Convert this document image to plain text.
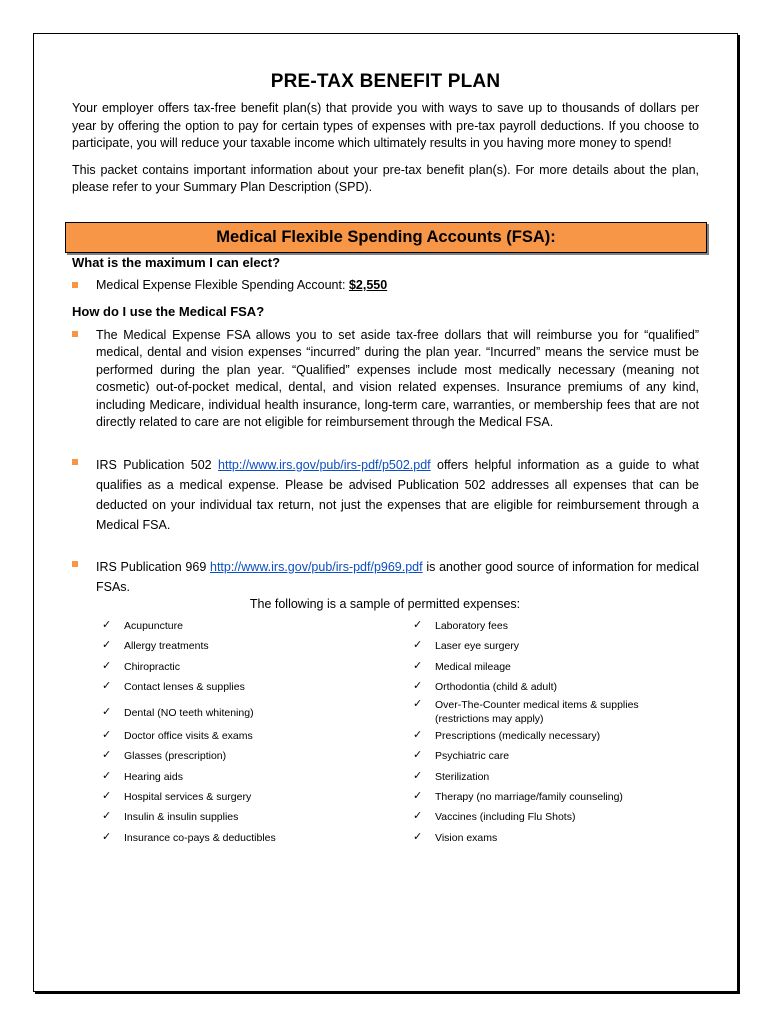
PRE-TAX BENEFIT PLAN

Your employer offers tax-free benefit plan(s) that provide you with ways to save up to thousands of dollars per year by offering the option to pay for certain types of expenses with pre-tax payroll deductions. If you choose to participate, you will reduce your taxable income which ultimately results in you having more money to spend!

This packet contains important information about your pre-tax benefit plan(s). For more details about the plan, please refer to your Summary Plan Description (SPD).

Medical Flexible Spending Accounts (FSA):
What is the maximum I can elect?
Medical Expense Flexible Spending Account: $2,550
How do I use the Medical FSA?
The Medical Expense FSA allows you to set aside tax-free dollars that will reimburse you for “qualified” medical, dental and vision expenses “incurred” during the plan year. “Incurred” means the service must be performed during the plan year. “Qualified” expenses include most medically necessary (meaning not cosmetic) out-of-pocket medical, dental, and vision related expenses. Insurance premiums of any kind, including Medicare, individual health insurance, long-term care, warranties, or membership fees that are not directly related to care are not eligible for reimbursement through the Medical FSA.
IRS Publication 502 http://www.irs.gov/pub/irs-pdf/p502.pdf offers helpful information as a guide to what qualifies as a medical expense. Please be advised Publication 502 addresses all expenses that can be deducted on your individual tax return, not just the expenses that are eligible for reimbursement through a Medical FSA.
IRS Publication 969 http://www.irs.gov/pub/irs-pdf/p969.pdf is another good source of information for medical FSAs.
The following is a sample of permitted expenses:
✓ Acupuncture
✓ Allergy treatments
✓ Chiropractic
✓ Contact lenses & supplies
✓ Dental (NO teeth whitening)
✓ Doctor office visits & exams
✓ Glasses (prescription)
✓ Hearing aids
✓ Hospital services & surgery
✓ Insulin & insulin supplies
✓ Insurance co-pays & deductibles
✓ Laboratory fees
✓ Laser eye surgery
✓ Medical mileage
✓ Orthodontia (child & adult)
✓ Over-The-Counter medical items & supplies
(restrictions may apply)
✓ Prescriptions (medically necessary)
✓ Psychiatric care
✓ Sterilization
✓ Therapy (no marriage/family counseling)
✓ Vaccines (including Flu Shots)
✓ Vision exams
